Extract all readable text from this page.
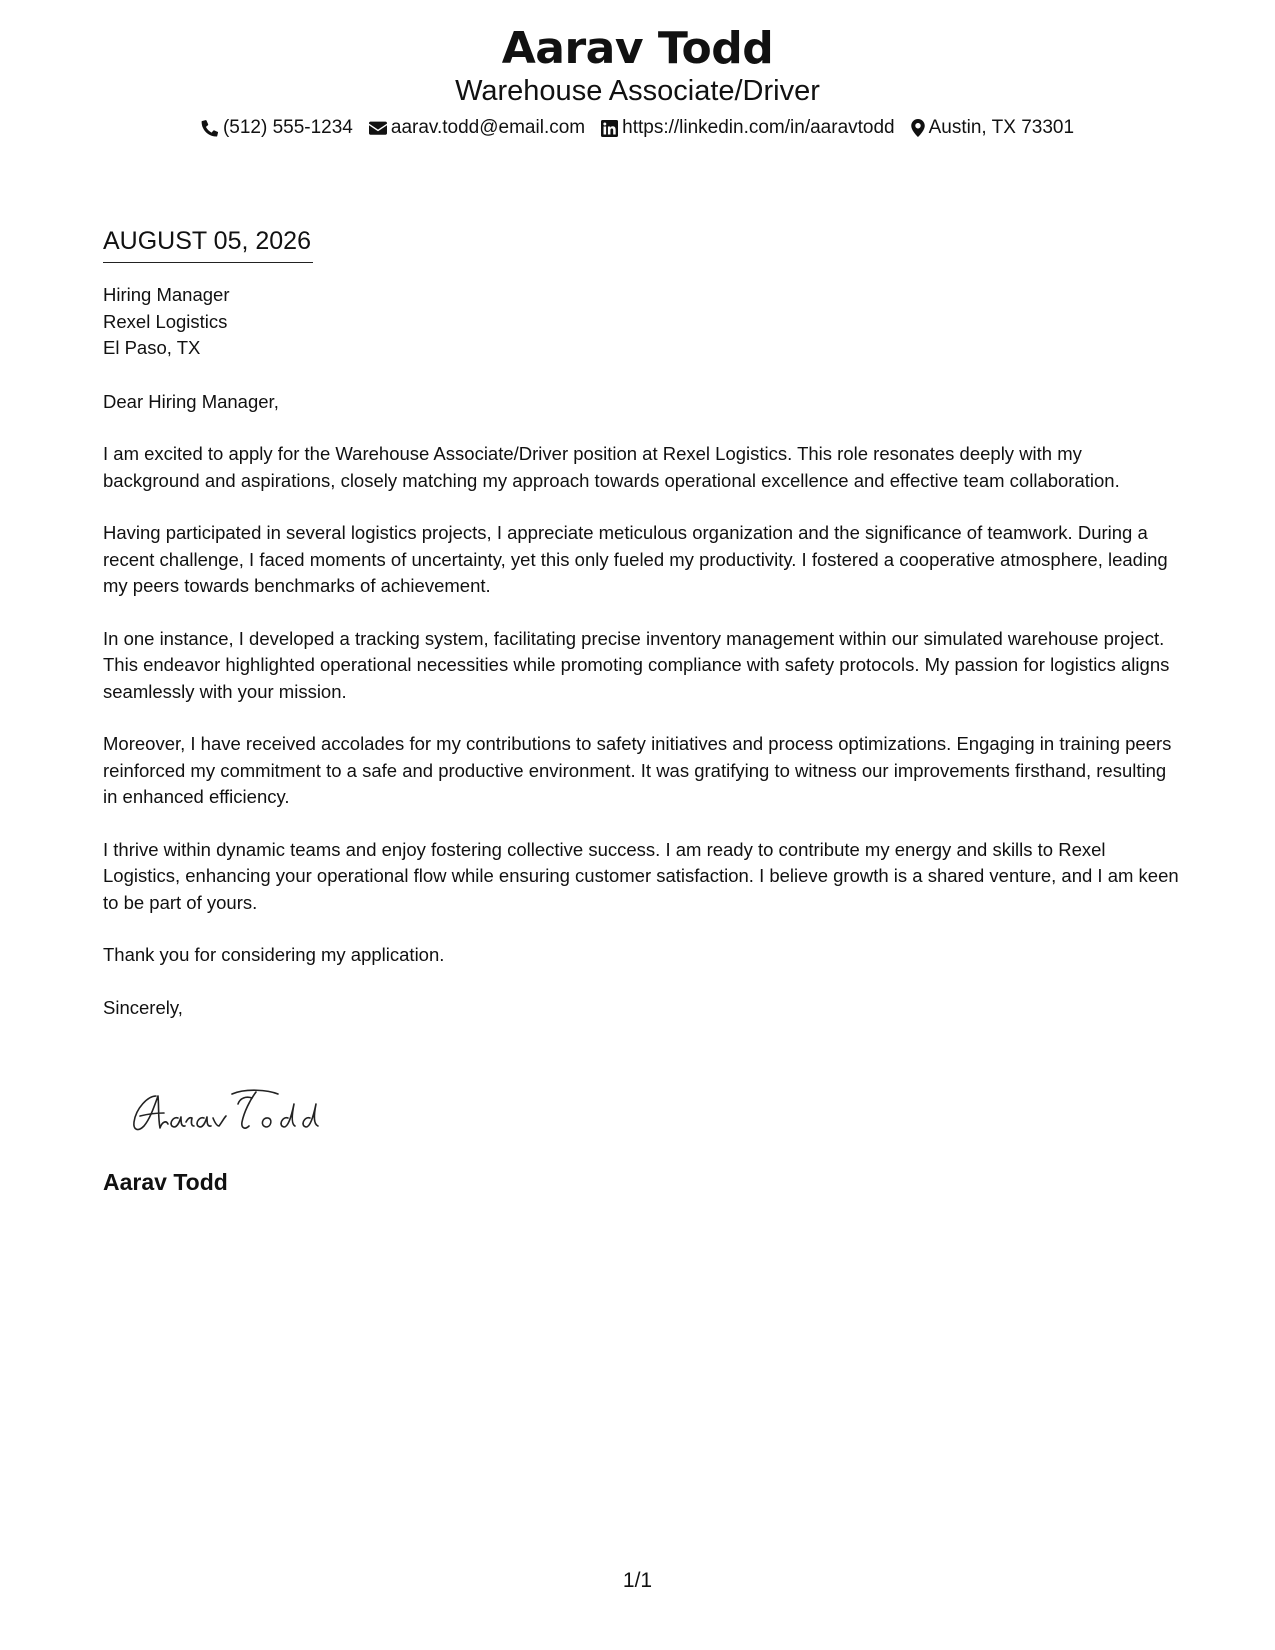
Aarav Todd
Warehouse Associate/Driver
(512) 555-1234 aarav.todd@email.com https://linkedin.com/in/aaravtodd Austin, TX 73301
AUGUST 05, 2026
Hiring Manager
Rexel Logistics
El Paso, TX

Dear Hiring Manager,

I am excited to apply for the Warehouse Associate/Driver position at Rexel Logistics. This role resonates deeply with my background and aspirations, closely matching my approach towards operational excellence and effective team collaboration.

Having participated in several logistics projects, I appreciate meticulous organization and the significance of teamwork. During a recent challenge, I faced moments of uncertainty, yet this only fueled my productivity. I fostered a cooperative atmosphere, leading my peers towards benchmarks of achievement.

In one instance, I developed a tracking system, facilitating precise inventory management within our simulated warehouse project. This endeavor highlighted operational necessities while promoting compliance with safety protocols. My passion for logistics aligns seamlessly with your mission.

Moreover, I have received accolades for my contributions to safety initiatives and process optimizations. Engaging in training peers reinforced my commitment to a safe and productive environment. It was gratifying to witness our improvements firsthand, resulting in enhanced efficiency.

I thrive within dynamic teams and enjoy fostering collective success. I am ready to contribute my energy and skills to Rexel Logistics, enhancing your operational flow while ensuring customer satisfaction. I believe growth is a shared venture, and I am keen to be part of yours.

Thank you for considering my application.

Sincerely,

Aarav Todd
1/1
